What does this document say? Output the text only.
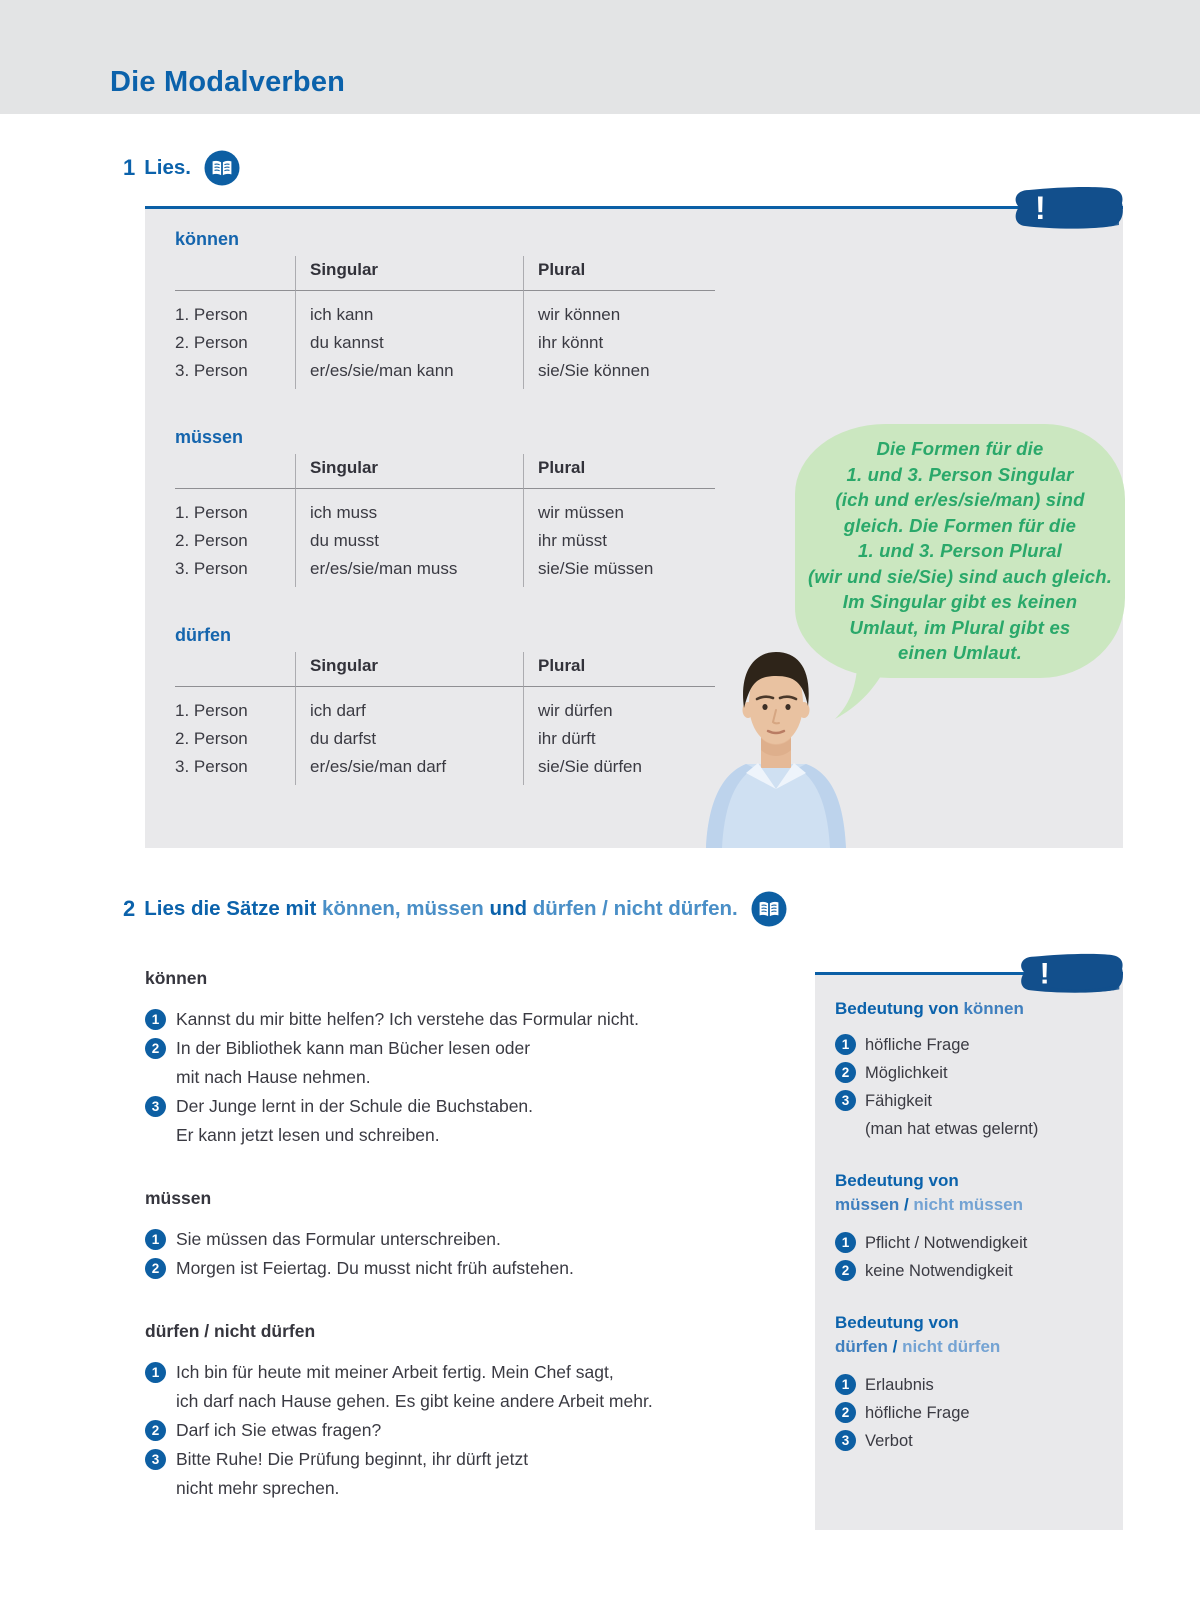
Die Modalverben
1 Lies.
!
können
Singular	Plural
1. Person	ich kann	wir können
2. Person	du kannst	ihr könnt
3. Person	er/es/sie/man kann	sie/Sie können
müssen
Singular	Plural
1. Person	ich muss	wir müssen
2. Person	du musst	ihr müsst
3. Person	er/es/sie/man muss	sie/Sie müssen
dürfen
Singular	Plural
1. Person	ich darf	wir dürfen
2. Person	du darfst	ihr dürft
3. Person	er/es/sie/man darf	sie/Sie dürfen
Die Formen für die
1. und 3. Person Singular
(ich und er/es/sie/man) sind
gleich. Die Formen für die
1. und 3. Person Plural
(wir und sie/Sie) sind auch gleich.
Im Singular gibt es keinen
Umlaut, im Plural gibt es
einen Umlaut.
2 Lies die Sätze mit können, müssen und dürfen / nicht dürfen.
können
1 Kannst du mir bitte helfen? Ich verstehe das Formular nicht.
2 In der Bibliothek kann man Bücher lesen oder
mit nach Hause nehmen.
3 Der Junge lernt in der Schule die Buchstaben.
Er kann jetzt lesen und schreiben.
müssen
1 Sie müssen das Formular unterschreiben.
2 Morgen ist Feiertag. Du musst nicht früh aufstehen.
dürfen / nicht dürfen
1 Ich bin für heute mit meiner Arbeit fertig. Mein Chef sagt,
ich darf nach Hause gehen. Es gibt keine andere Arbeit mehr.
2 Darf ich Sie etwas fragen?
3 Bitte Ruhe! Die Prüfung beginnt, ihr dürft jetzt
nicht mehr sprechen.
!
Bedeutung von können
1 höfliche Frage
2 Möglichkeit
3 Fähigkeit
(man hat etwas gelernt)
Bedeutung von
müssen / nicht müssen
1 Pflicht / Notwendigkeit
2 keine Notwendigkeit
Bedeutung von
dürfen / nicht dürfen
1 Erlaubnis
2 höfliche Frage
3 Verbot
